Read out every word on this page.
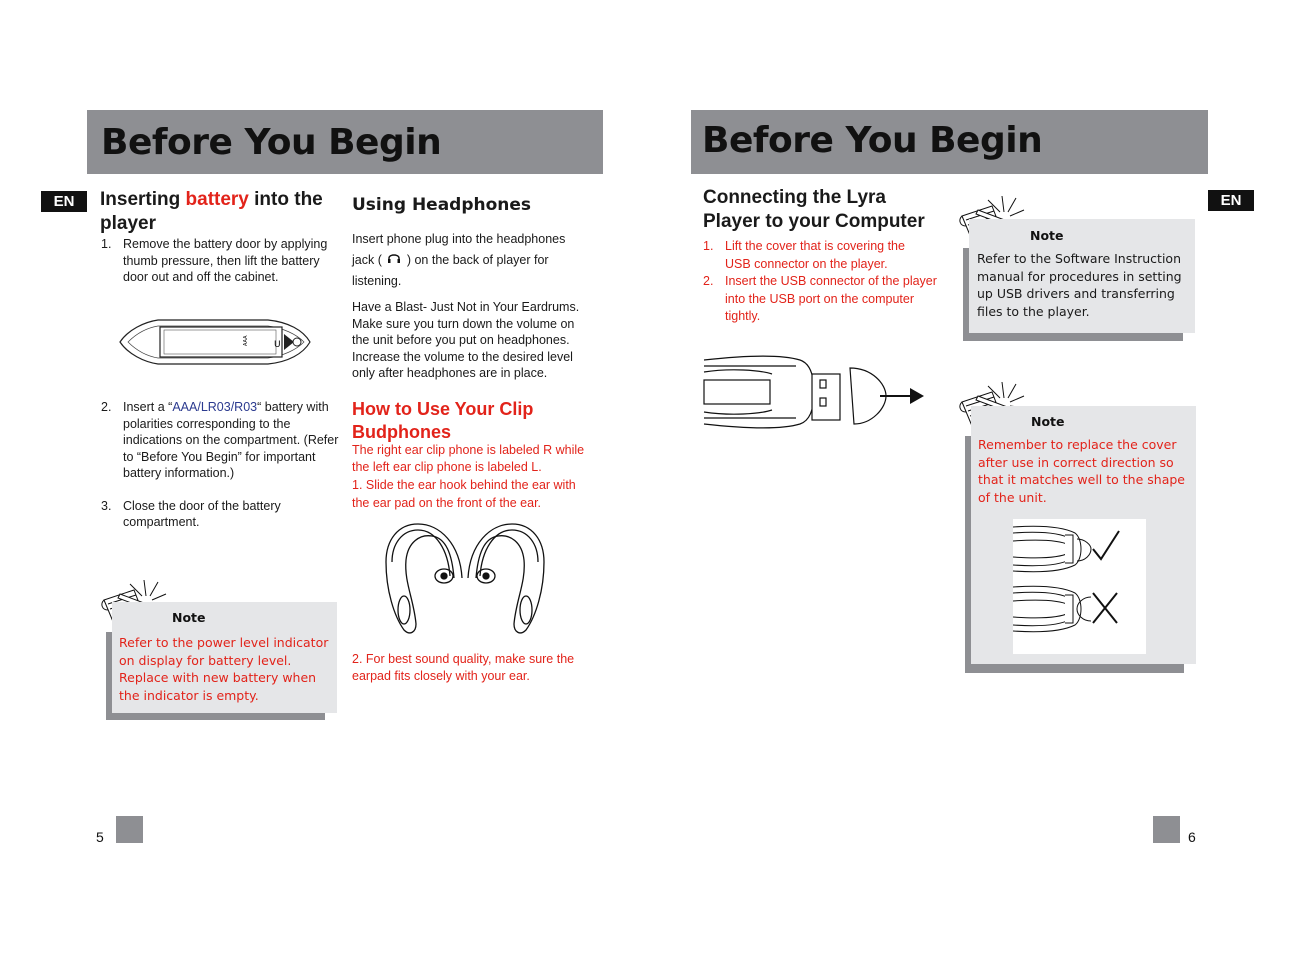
Before You Begin
EN	Inserting battery into the player
1. Remove the battery door by applying thumb pressure, then lift the battery door out and off the cabinet.
AAA	U
2. Insert a “AAA/LR03/R03“ battery with polarities corresponding to the indications on the compartment. (Refer to “Before You Begin” for important battery information.)
3. Close the door of the battery compartment.
Note
Refer to the power level indicator on display for battery level. Replace with new battery when the indicator is empty.
Using Headphones
Insert phone plug into the headphones jack ( ) on the back of player for listening.
Have a Blast- Just Not in Your Eardrums. Make sure you turn down the volume on the unit before you put on headphones. Increase the volume to the desired level only after headphones are in place.
How to Use Your Clip Budphones
The right ear clip phone is labeled R while the left ear clip phone is labeled L.
1. Slide the ear hook behind the ear with the ear pad on the front of the ear.
2. For best sound quality, make sure the earpad fits closely with your ear.
5
Before You Begin
EN
Connecting the Lyra Player to your Computer
1. Lift the cover that is covering the USB connector on the player.
2. Insert the USB connector of the player into the USB port on the computer tightly.
Note
Refer to the Software Instruction manual for procedures in setting up USB drivers and transferring files to the player.
Note
Remember to replace the cover after use in correct direction so that it matches well to the shape of the unit.
6
